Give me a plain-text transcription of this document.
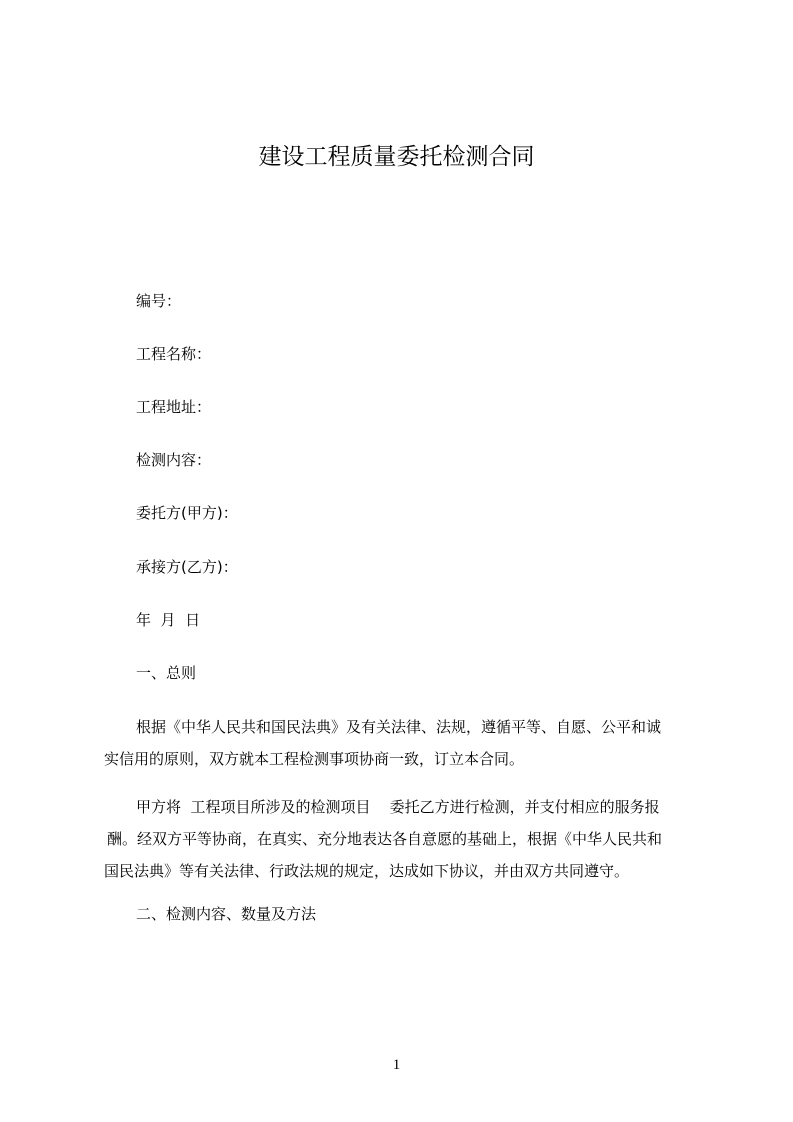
建设工程质量委托检测合同
编号：
工程名称：
工程地址：
检测内容：
委托方(甲方)：
承接方(乙方)：
年  月  日
一、总则

根据《中华人民共和国民法典》及有关法律、法规，遵循平等、自愿、公平和诚
实信用的原则，双方就本工程检测事项协商一致，订立本合同。

甲方将  工程项目所涉及的检测项目    委托乙方进行检测，并支付相应的服务报
酬。经双方平等协商，在真实、充分地表达各自意愿的基础上，根据《中华人民共和
国民法典》等有关法律、行政法规的规定，达成如下协议，并由双方共同遵守。

二、检测内容、数量及方法
1
